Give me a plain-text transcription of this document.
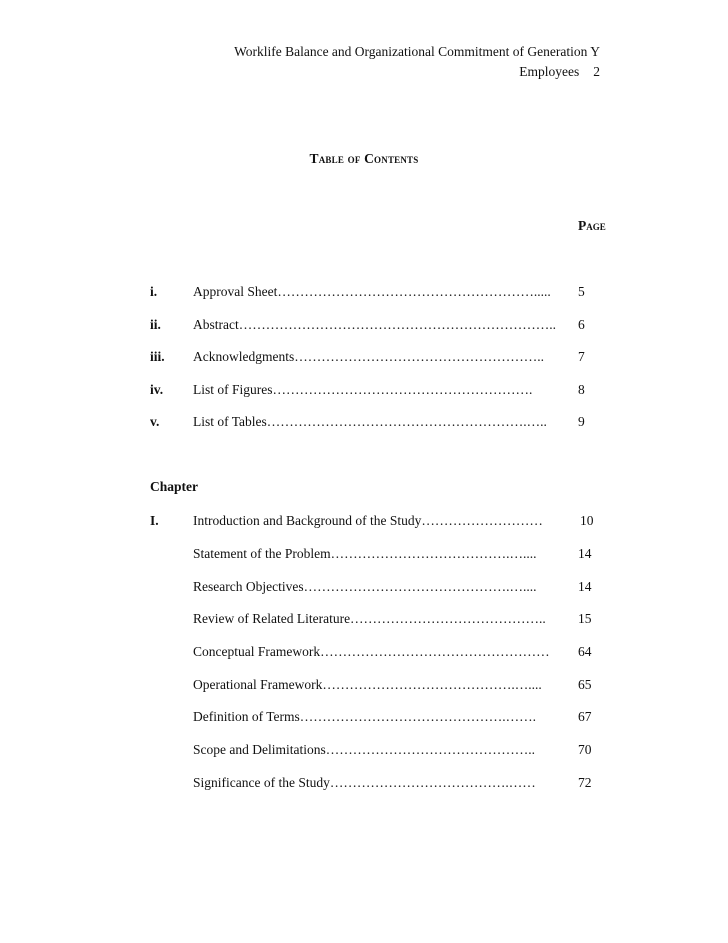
Worklife Balance and Organizational Commitment of Generation Y
Employees 2
Table of Contents
Page
i.	Approval Sheet………………………………………………….....	5
ii. Abstract……………………………………………………………..	6
iii. Acknowledgments………………………………………………..	7
iv. List of Figures………………………………………………….	8
v. List of Tables………………………………………………….…..	9
Chapter
I.	Introduction and Background of the Study………………………	10
Statement of the Problem………………………………….…....	14
Research Objectives……………………………………….…....	14
Review of Related Literature……………………………………..	15
Conceptual Framework……………………………………………	64
Operational Framework…………………………………….…....	65
Definition of Terms……………………………………….…….	67
Scope and Delimitations………………………………………..	70
Significance of the Study………………………………….……	72
